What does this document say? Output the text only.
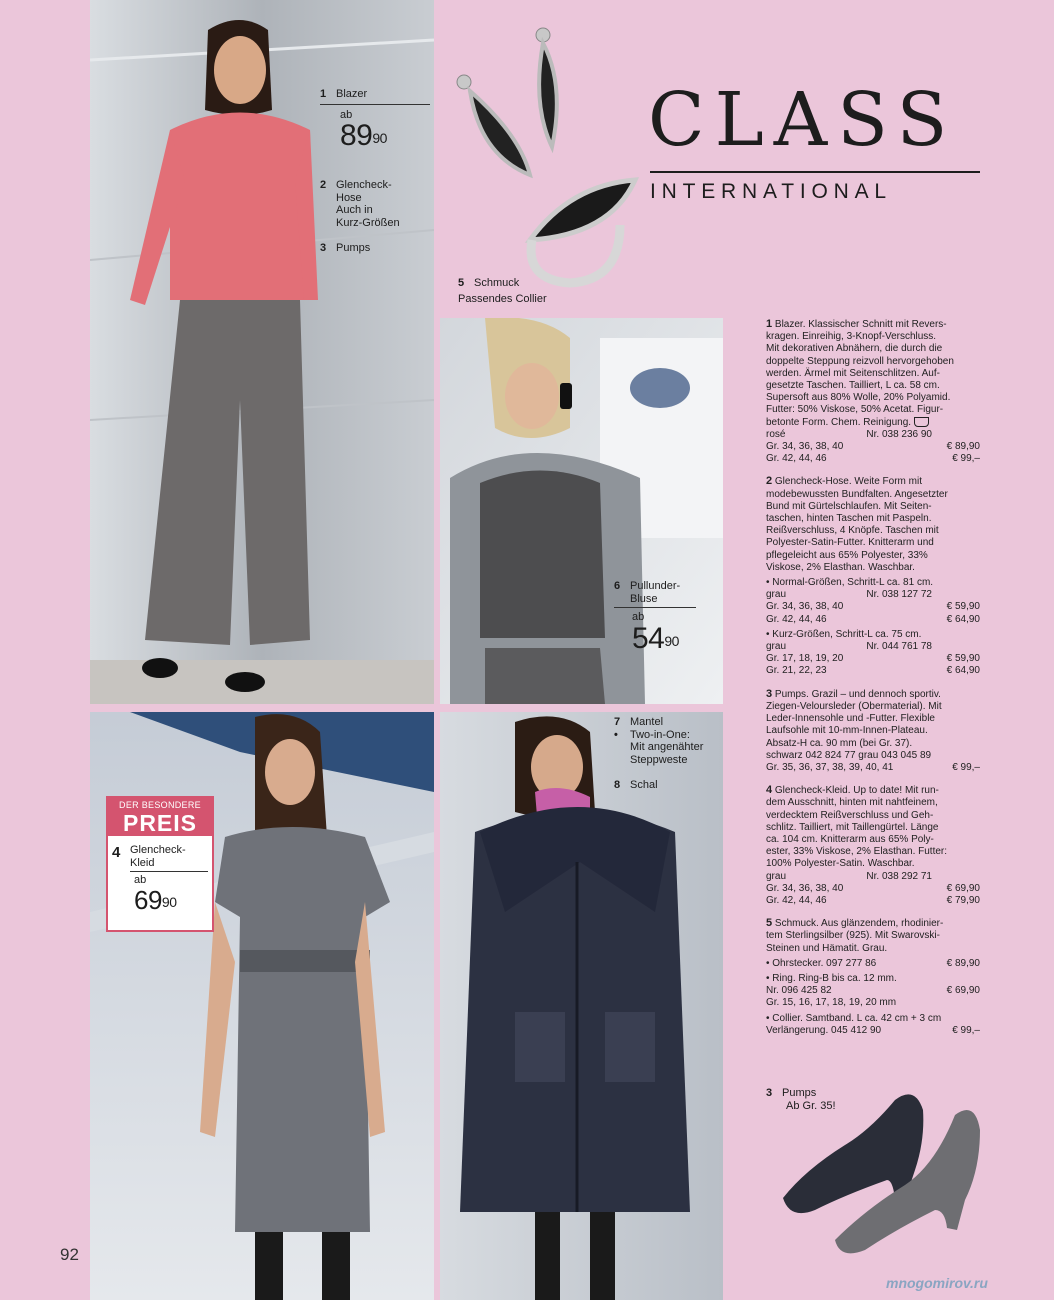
CLASS
INTERNATIONAL
1 Blazer
ab
$89^{90}$
2 Glencheck-
Hose
Auch in
Kurz-Größen
3 Pumps
5 Schmuck
Passendes Collier
6 Pullunder-
Bluse
ab
$54^{90}$
7 Mantel
• Two-in-One:
Mit angenähter
Steppweste
8 Schal
DER BESONDERE
PREIS
4 Glencheck-
Kleid
ab
$69^{90}$
3 Pumps
Ab Gr. 35!

1 Blazer. Klassischer Schnitt mit Revers-

kragen. Einreihig, 3-Knopf-Verschluss.

Mit dekorativen Abnähern, die durch die

doppelte Steppung reizvoll hervorgehoben

werden. Ärmel mit Seitenschlitzen. Auf-

gesetzte Taschen. Tailliert, L ca. 58 cm.

Supersoft aus 80% Wolle, 20% Polyamid.

Futter: 50% Viskose, 50% Acetat. Figur-

betonte Form. Chem. Reinigung.

rosé	Nr. 038 236 90
Gr. 34, 36, 38, 40	€ 89,90
Gr. 42, 44, 46	€ 99,–

2 Glencheck-Hose. Weite Form mit

modebewussten Bundfalten. Angesetzter

Bund mit Gürtelschlaufen. Mit Seiten-

taschen, hinten Taschen mit Paspeln.

Reißverschluss, 4 Knöpfe. Taschen mit

Polyester-Satin-Futter. Knitterarm und

pflegeleicht aus 65% Polyester, 33%

Viskose, 2% Elasthan. Waschbar.

• Normal-Größen, Schritt-L ca. 81 cm.

grau	Nr. 038 127 72
Gr. 34, 36, 38, 40	€ 59,90
Gr. 42, 44, 46	€ 64,90

• Kurz-Größen, Schritt-L ca. 75 cm.

grau	Nr. 044 761 78
Gr. 17, 18, 19, 20	€ 59,90
Gr. 21, 22, 23	€ 64,90

3 Pumps. Grazil – und dennoch sportiv.

Ziegen-Veloursleder (Obermaterial). Mit

Leder-Innensohle und -Futter. Flexible

Laufsohle mit 10-mm-Innen-Plateau.

Absatz-H ca. 90 mm (bei Gr. 37).

schwarz 042 824 77 grau 043 045 89

Gr. 35, 36, 37, 38, 39, 40, 41	€ 99,–

4 Glencheck-Kleid. Up to date! Mit run-

dem Ausschnitt, hinten mit nahtfeinem,

verdecktem Reißverschluss und Geh-

schlitz. Tailliert, mit Taillengürtel. Länge

ca. 104 cm. Knitterarm aus 65% Poly-

ester, 33% Viskose, 2% Elasthan. Futter:

100% Polyester-Satin. Waschbar.

grau	Nr. 038 292 71
Gr. 34, 36, 38, 40	€ 69,90
Gr. 42, 44, 46	€ 79,90

5 Schmuck. Aus glänzendem, rhodinier-

tem Sterlingsilber (925). Mit Swarovski-

Steinen und Hämatit. Grau.

• Ohrstecker. 097 277 86	€ 89,90

• Ring. Ring-B bis ca. 12 mm.

Nr. 096 425 82	€ 69,90

Gr. 15, 16, 17, 18, 19, 20 mm

• Collier. Samtband. L ca. 42 cm + 3 cm

Verlängerung. 045 412 90	€ 99,–
92
mnogomirov.ru
